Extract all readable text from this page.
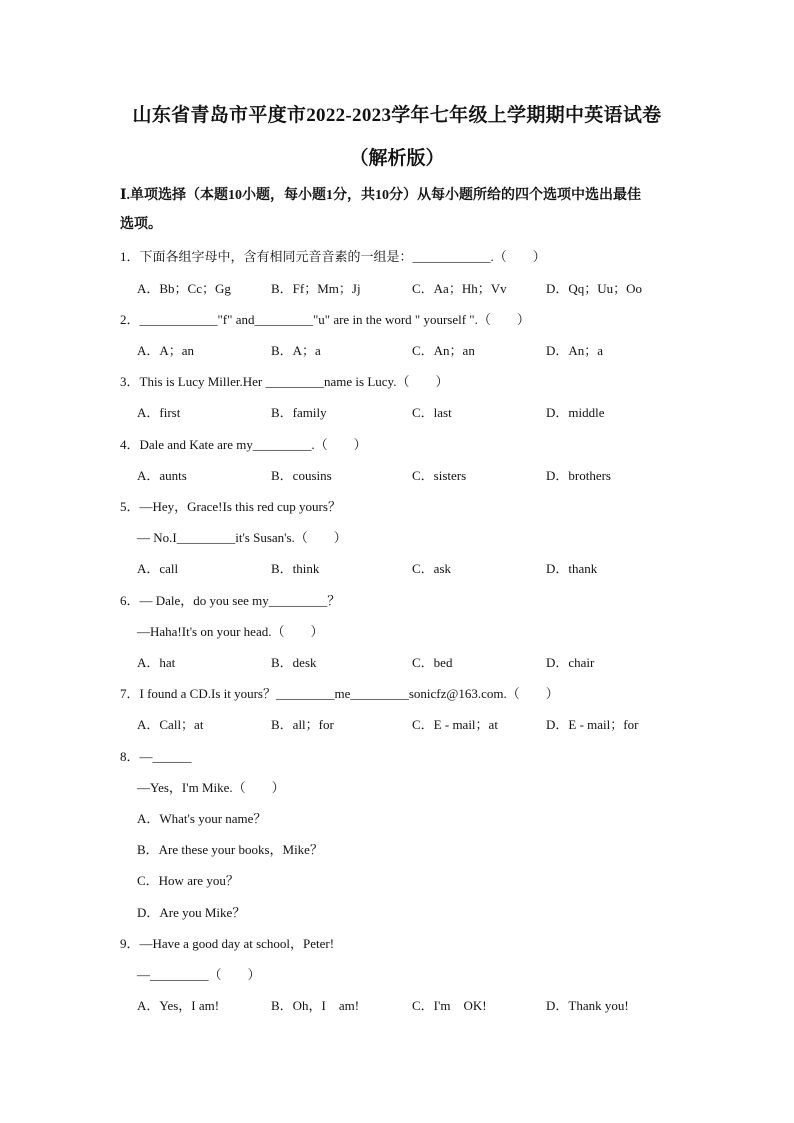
山东省青岛市平度市2022-2023学年七年级上学期期中英语试卷
（解析版）
Ⅰ.单项选择（本题10小题，每小题1分，共10分）从每小题所给的四个选项中选出最佳
选项。
1．下面各组字母中，含有相同元音音素的一组是：____________.（　　）
A．Bb；Cc；Gg	B．Ff；Mm；Jj	C．Aa；Hh；Vv	D．Qq；Uu；Oo
2．____________"f" and_________"u" are in the word " yourself ".（　　）
A．A；an	B．A；a	C．An；an	D．An；a
3．This is Lucy Miller.Her _________name is Lucy.（　　）
A．first	B．family	C．last	D．middle
4．Dale and Kate are my_________.（　　）
A．aunts	B．cousins	C．sisters	D．brothers
5．—Hey，Grace!Is this red cup yours？
— No.I_________it's Susan's.（　　）
A．call	B．think	C．ask	D．thank
6．— Dale，do you see my_________？
—Haha!It's on your head.（　　）
A．hat	B．desk	C．bed	D．chair
7．I found a CD.Is it yours？_________me_________sonicfz@163.com.（　　）
A．Call；at	B．all；for	C．E - mail；at	D．E - mail；for
8．—______
—Yes，I'm Mike.（　　）
A．What's your name？
B．Are these your books，Mike？
C．How are you？
D．Are you Mike？
9．—Have a good day at school，Peter!
—_________（　　）
A．Yes，I am!	B．Oh，I　am!	C．I'm　OK!	D．Thank you!
